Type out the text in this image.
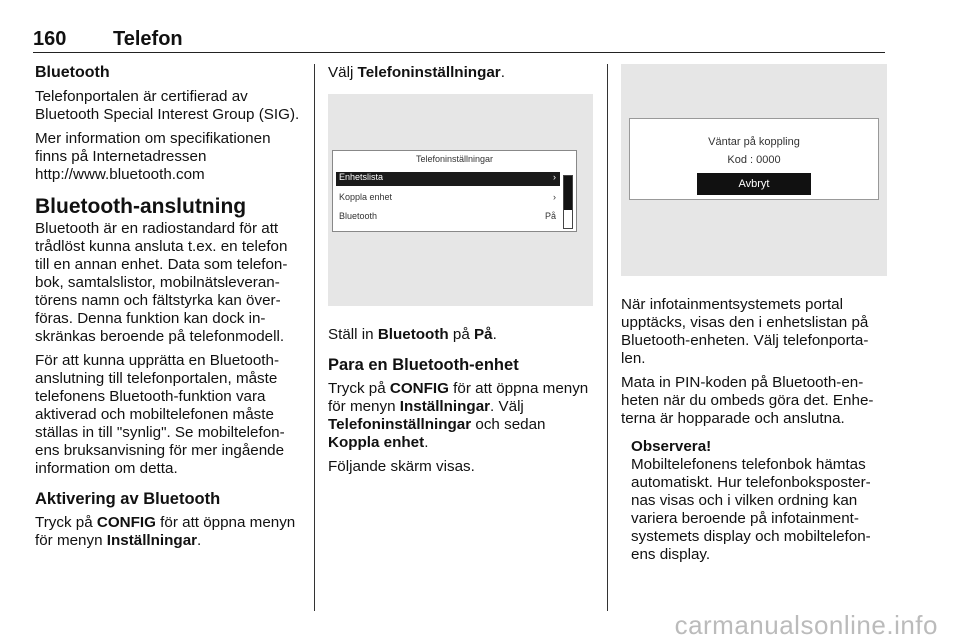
160 Telefon
Bluetooth

Telefonportalen är certifierad av Bluetooth Special Interest Group (SIG).

Mer information om specifikationen finns på Internetadressen
http://www.bluetooth.com

Bluetooth-anslutning

Bluetooth är en radiostandard för att trådlöst kunna ansluta t.ex. en telefon till en annan enhet. Data som telefon-bok, samtalslistor, mobilnätsleveran-törens namn och fältstyrka kan över-föras. Denna funktion kan dock in-skränkas beroende på telefonmodell.

För att kunna upprätta en Bluetooth-anslutning till telefonportalen, måste telefonens Bluetooth-funktion vara aktiverad och mobiltelefonen måste ställas in till "synlig". Se mobiltelefon-ens bruksanvisning för mer ingående information om detta.

Aktivering av Bluetooth

Tryck på CONFIG för att öppna menyn för menyn Inställningar.

Välj Telefoninställningar.

Telefoninställningar
Enhetslista	›
Koppla enhet	›
Bluetooth	På

Ställ in Bluetooth på På.

Para en Bluetooth-enhet

Tryck på CONFIG för att öppna menyn för menyn Inställningar. Välj Telefoninställningar och sedan Koppla enhet.

Följande skärm visas.

Väntar på koppling
Kod : 0000
Avbryt

När infotainmentsystemets portal upptäcks, visas den i enhetslistan på Bluetooth-enheten. Välj telefonporta-len.

Mata in PIN-koden på Bluetooth-en-heten när du ombeds göra det. Enhe-terna är hopparade och anslutna.

Observera!
Mobiltelefonens telefonbok hämtas automatiskt. Hur telefonboksposter-nas visas och i vilken ordning kan variera beroende på infotainment-systemets display och mobiltelefon-ens display.
carmanualsonline.info
